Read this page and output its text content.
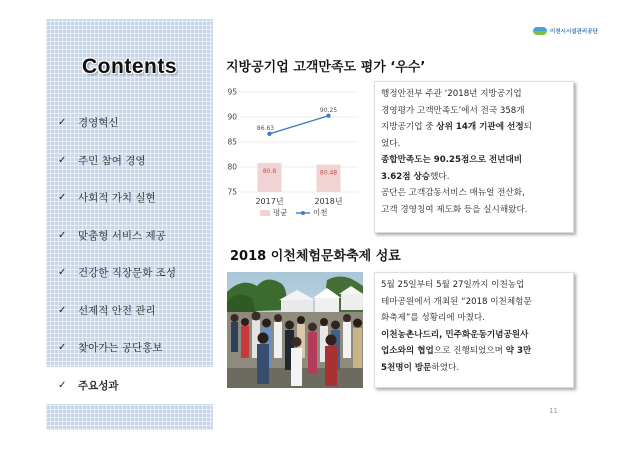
이천시시설관리공단
Contents
✓	경영혁신
✓	주민 참여 경영
✓	사회적 가치 실현
✓	맞춤형 서비스 제공
✓	건강한 직장문화 조성
✓	선제적 안전 관리
✓	찾아가는 공단홍보
✓	주요성과
지방공기업 고객만족도 평가 ‘우수’
95
90
85
80
75
80.8	80.48
86.63
90.25
2017년	2018년
평균	이천
행정안전부 주관 ‘2018년 지방공기업
경영평가 고객만족도’에서 전국 358개
지방공기업 중 상위 14개 기관에 선정되
었다.
종합만족도는 90.25점으로 전년대비
3.62점 상승했다.
공단은 고객감동서비스 매뉴얼 전산화,
고객 경영칭여 제도화 등을 실시해왔다.
2018 이천체험문화축제 성료
5월 25일부터 5월 27일까지 이천농업
테마공원에서 개최된 “2018 이천체험문
화축제”를 성황리에 마쳤다.
이천농촌나드리, 민주화운동기념공원사
업소와의 협업으로 진행되었으며 약 3만
5천명이 방문하였다.
11
